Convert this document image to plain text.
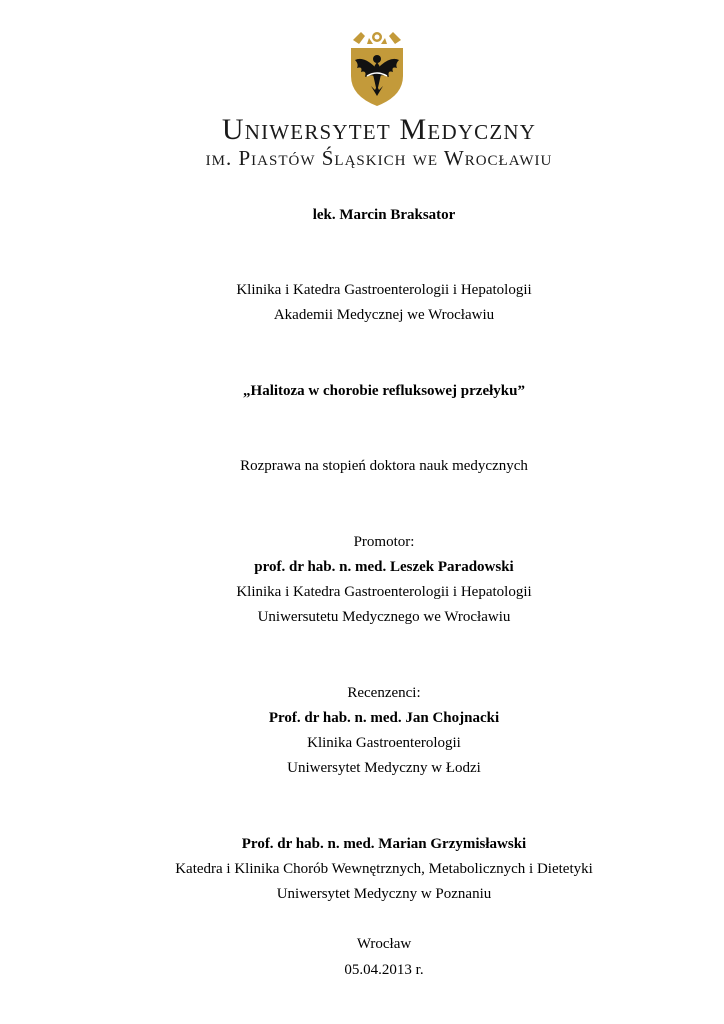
Uniwersytet Medyczny
im. Piastów Śląskich we Wrocławiu
lek. Marcin Braksator
Klinika i Katedra Gastroenterologii i Hepatologii
Akademii Medycznej we Wrocławiu
„Halitoza w chorobie refluksowej przełyku”
Rozprawa na stopień doktora nauk medycznych
Promotor:
prof. dr hab. n. med. Leszek Paradowski
Klinika i Katedra Gastroenterologii i Hepatologii
Uniwersutetu Medycznego we Wrocławiu
Recenzenci:
Prof. dr hab. n. med. Jan Chojnacki
Klinika Gastroenterologii
Uniwersytet Medyczny w Łodzi
Prof. dr hab. n. med. Marian Grzymisławski
Katedra i Klinika Chorób Wewnętrznych, Metabolicznych i Dietetyki
Uniwersytet Medyczny w Poznaniu
Wrocław
05.04.2013 r.
